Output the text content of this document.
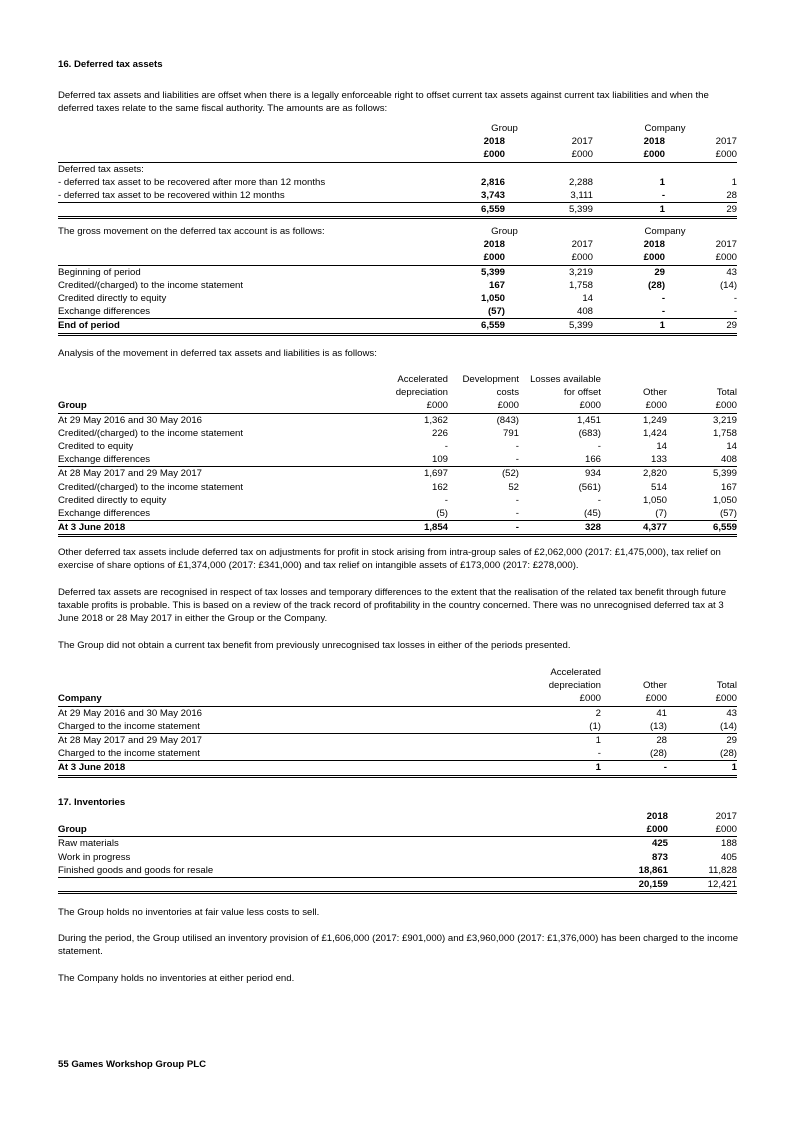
16. Deferred tax assets

Deferred tax assets and liabilities are offset when there is a legally enforceable right to offset current tax assets against current tax liabilities and when the deferred taxes relate to the same fiscal authority. The amounts are as follows:

	Group		Company	
	2018	2017	2018	2017
	£000	£000	£000	£000
Deferred tax assets:				
- deferred tax asset to be recovered after more than 12 months	2,816	2,288	1	1
- deferred tax asset to be recovered within 12 months	3,743	3,111	-	28
	6,559	5,399	1	29
The gross movement on the deferred tax account is as follows:	Group		Company	
	2018	2017	2018	2017
	£000	£000	£000	£000
Beginning of period	5,399	3,219	29	43
Credited/(charged) to the income statement	167	1,758	(28)	(14)
Credited directly to equity	1,050	14	-	-
Exchange differences	(57)	408	-	-
End of period	6,559	5,399	1	29

Analysis of the movement in deferred tax assets and liabilities is as follows:

	Accelerated	Development	Losses available		
	depreciation	costs	for offset	Other	Total
Group	£000	£000	£000	£000	£000
At 29 May 2016 and 30 May 2016	1,362	(843)	1,451	1,249	3,219
Credited/(charged) to the income statement	226	791	(683)	1,424	1,758
Credited to equity	-	-	-	14	14
Exchange differences	109	-	166	133	408
At 28 May 2017 and 29 May 2017	1,697	(52)	934	2,820	5,399
Credited/(charged) to the income statement	162	52	(561)	514	167
Credited directly to equity	-	-	-	1,050	1,050
Exchange differences	(5)	-	(45)	(7)	(57)
At 3 June 2018	1,854	-	328	4,377	6,559

Other deferred tax assets include deferred tax on adjustments for profit in stock arising from intra-group sales of £2,062,000 (2017: £1,475,000), tax relief on exercise of share options of £1,374,000 (2017: £341,000) and tax relief on intangible assets of £173,000 (2017: £278,000).

Deferred tax assets are recognised in respect of tax losses and temporary differences to the extent that the realisation of the related tax benefit through future taxable profits is probable. This is based on a review of the track record of profitability in the country concerned. There was no unrecognised deferred tax at 3 June 2018 or 28 May 2017 in either the Group or the Company.

The Group did not obtain a current tax benefit from previously unrecognised tax losses in either of the periods presented.

	Accelerated		
	depreciation	Other	Total
Company	£000	£000	£000
At 29 May 2016 and 30 May 2016	2	41	43
Charged to the income statement	(1)	(13)	(14)
At 28 May 2017 and 29 May 2017	1	28	29
Charged to the income statement	-	(28)	(28)
At 3 June 2018	1	-	1
17. Inventories
	2018	2017
Group	£000	£000
Raw materials	425	188
Work in progress	873	405
Finished goods and goods for resale	18,861	11,828
	20,159	12,421

The Group holds no inventories at fair value less costs to sell.

During the period, the Group utilised an inventory provision of £1,606,000 (2017: £901,000) and £3,960,000 (2017: £1,376,000) has been charged to the income statement.

The Company holds no inventories at either period end.

55 Games Workshop Group PLC
